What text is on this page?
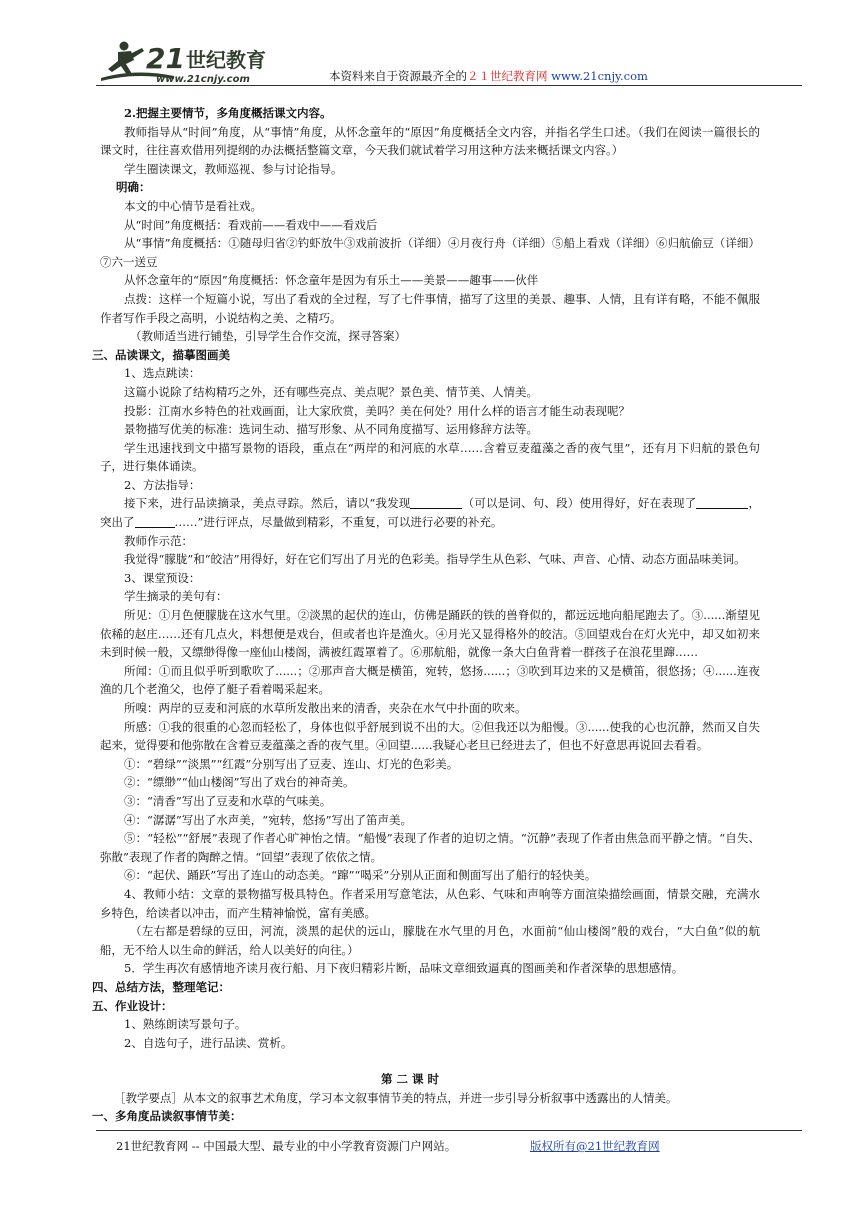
21 世纪教育
www.21cnjy.com	本资料来自于资源最齐全的２１世纪教育网 www.21cnjy.com

2.把握主要情节，多角度概括课文内容。

教师指导从“时间”角度，从“事情”角度，从怀念童年的“原因”角度概括全文内容，并指名学生口述。（我们在阅读一篇很长的课文时，往往喜欢借用列提纲的办法概括整篇文章，今天我们就试着学习用这种方法来概括课文内容。）

学生圈读课文，教师巡视、参与讨论指导。

明确：

本文的中心情节是看社戏。

从“时间”角度概括：看戏前——看戏中——看戏后

从“事情”角度概括：①随母归省②钓虾放牛③戏前波折（详细）④月夜行舟（详细）⑤船上看戏（详细）⑥归航偷豆（详细）⑦六一送豆

从怀念童年的“原因”角度概括：怀念童年是因为有乐土——美景——趣事——伙伴

点拨：这样一个短篇小说，写出了看戏的全过程，写了七件事情，描写了这里的美景、趣事、人情，且有详有略，不能不佩服作者写作手段之高明，小说结构之美、之精巧。

（教师适当进行铺垫，引导学生合作交流，探寻答案）

三、品读课文，描摹图画美

1、选点跳读：

这篇小说除了结构精巧之外，还有哪些亮点、美点呢？景色美、情节美、人情美。

投影：江南水乡特色的社戏画面，让大家欣赏，美吗？美在何处？用什么样的语言才能生动表现呢？

景物描写优美的标准：选词生动、描写形象、从不同角度描写、运用修辞方法等。

学生迅速找到文中描写景物的语段，重点在“两岸的和河底的水草……含着豆麦蕴藻之香的夜气里”，还有月下归航的景色句子，进行集体诵读。

2、方法指导：

接下来，进行品读摘录，美点寻踪。然后，请以“我发现	（可以是词、句、段）使用得好，好在表现了	，突出了	……”进行评点，尽量做到精彩，不重复，可以进行必要的补充。

教师作示范：

我觉得“朦胧”和“皎洁”用得好，好在它们写出了月光的色彩美。指导学生从色彩、气味、声音、心情、动态方面品味美词。

3、课堂预设：

学生摘录的美句有：

所见：①月色便朦胧在这水气里。②淡黑的起伏的连山，仿佛是踊跃的铁的兽脊似的，都远远地向船尾跑去了。③......渐望见依稀的赵庄……还有几点火，料想便是戏台，但或者也许是渔火。④月光又显得格外的皎洁。⑤回望戏台在灯火光中，却又如初来未到时候一般，又缥缈得像一座仙山楼阁，满被红霞罩着了。⑥那航船，就像一条大白鱼背着一群孩子在浪花里蹿……

所闻：①而且似乎听到歌吹了......；②那声音大概是横笛，宛转，悠扬......；③吹到耳边来的又是横笛，很悠扬；④......连夜渔的几个老渔父，也停了艇子看着喝采起来。

所嗅：两岸的豆麦和河底的水草所发散出来的清香，夹杂在水气中扑面的吹来。

所感：①我的很重的心忽而轻松了，身体也似乎舒展到说不出的大。②但我还以为船慢。③......使我的心也沉静，然而又自失起来，觉得要和他弥散在含着豆麦蕴藻之香的夜气里。④回望......我疑心老旦已经进去了，但也不好意思再说回去看看。

①：“碧绿”“淡黑”“红霞”分别写出了豆麦、连山、灯光的色彩美。

②：“缥缈”“仙山楼阁”写出了戏台的神奇美。

③：“清香”写出了豆麦和水草的气味美。

④：“潺潺”写出了水声美，“宛转，悠扬”写出了笛声美。

⑤：“轻松”“舒展”表现了作者心旷神怡之情。“船慢”表现了作者的迫切之情。“沉静”表现了作者由焦急而平静之情。“自失、弥散”表现了作者的陶醉之情。“回望”表现了依依之情。

⑥：“起伏、踊跃”写出了连山的动态美。“蹿”“喝采”分别从正面和侧面写出了船行的轻快美。

4、教师小结：文章的景物描写极具特色。作者采用写意笔法，从色彩、气味和声响等方面渲染描绘画面，情景交融，充满水乡特色，给读者以冲击，而产生精神愉悦，富有美感。

（左右都是碧绿的豆田，河流，淡黑的起伏的远山，朦胧在水气里的月色，水面前“仙山楼阁”般的戏台，“大白鱼”似的航船，无不给人以生命的鲜活，给人以美好的向往。）

5．学生再次有感情地齐读月夜行船、月下夜归精彩片断，品味文章细致逼真的图画美和作者深挚的思想感情。

四、总结方法，整理笔记：

五、作业设计：

1、熟练朗读写景句子。

2、自选句子，进行品读、赏析。

第 二 课 时

［教学要点］从本文的叙事艺术角度，学习本文叙事情节美的特点，并进一步引导分析叙事中透露出的人情美。

一、多角度品读叙事情节美：

21世纪教育网 -- 中国最大型、最专业的中小学教育资源门户网站。	版权所有@21世纪教育网
